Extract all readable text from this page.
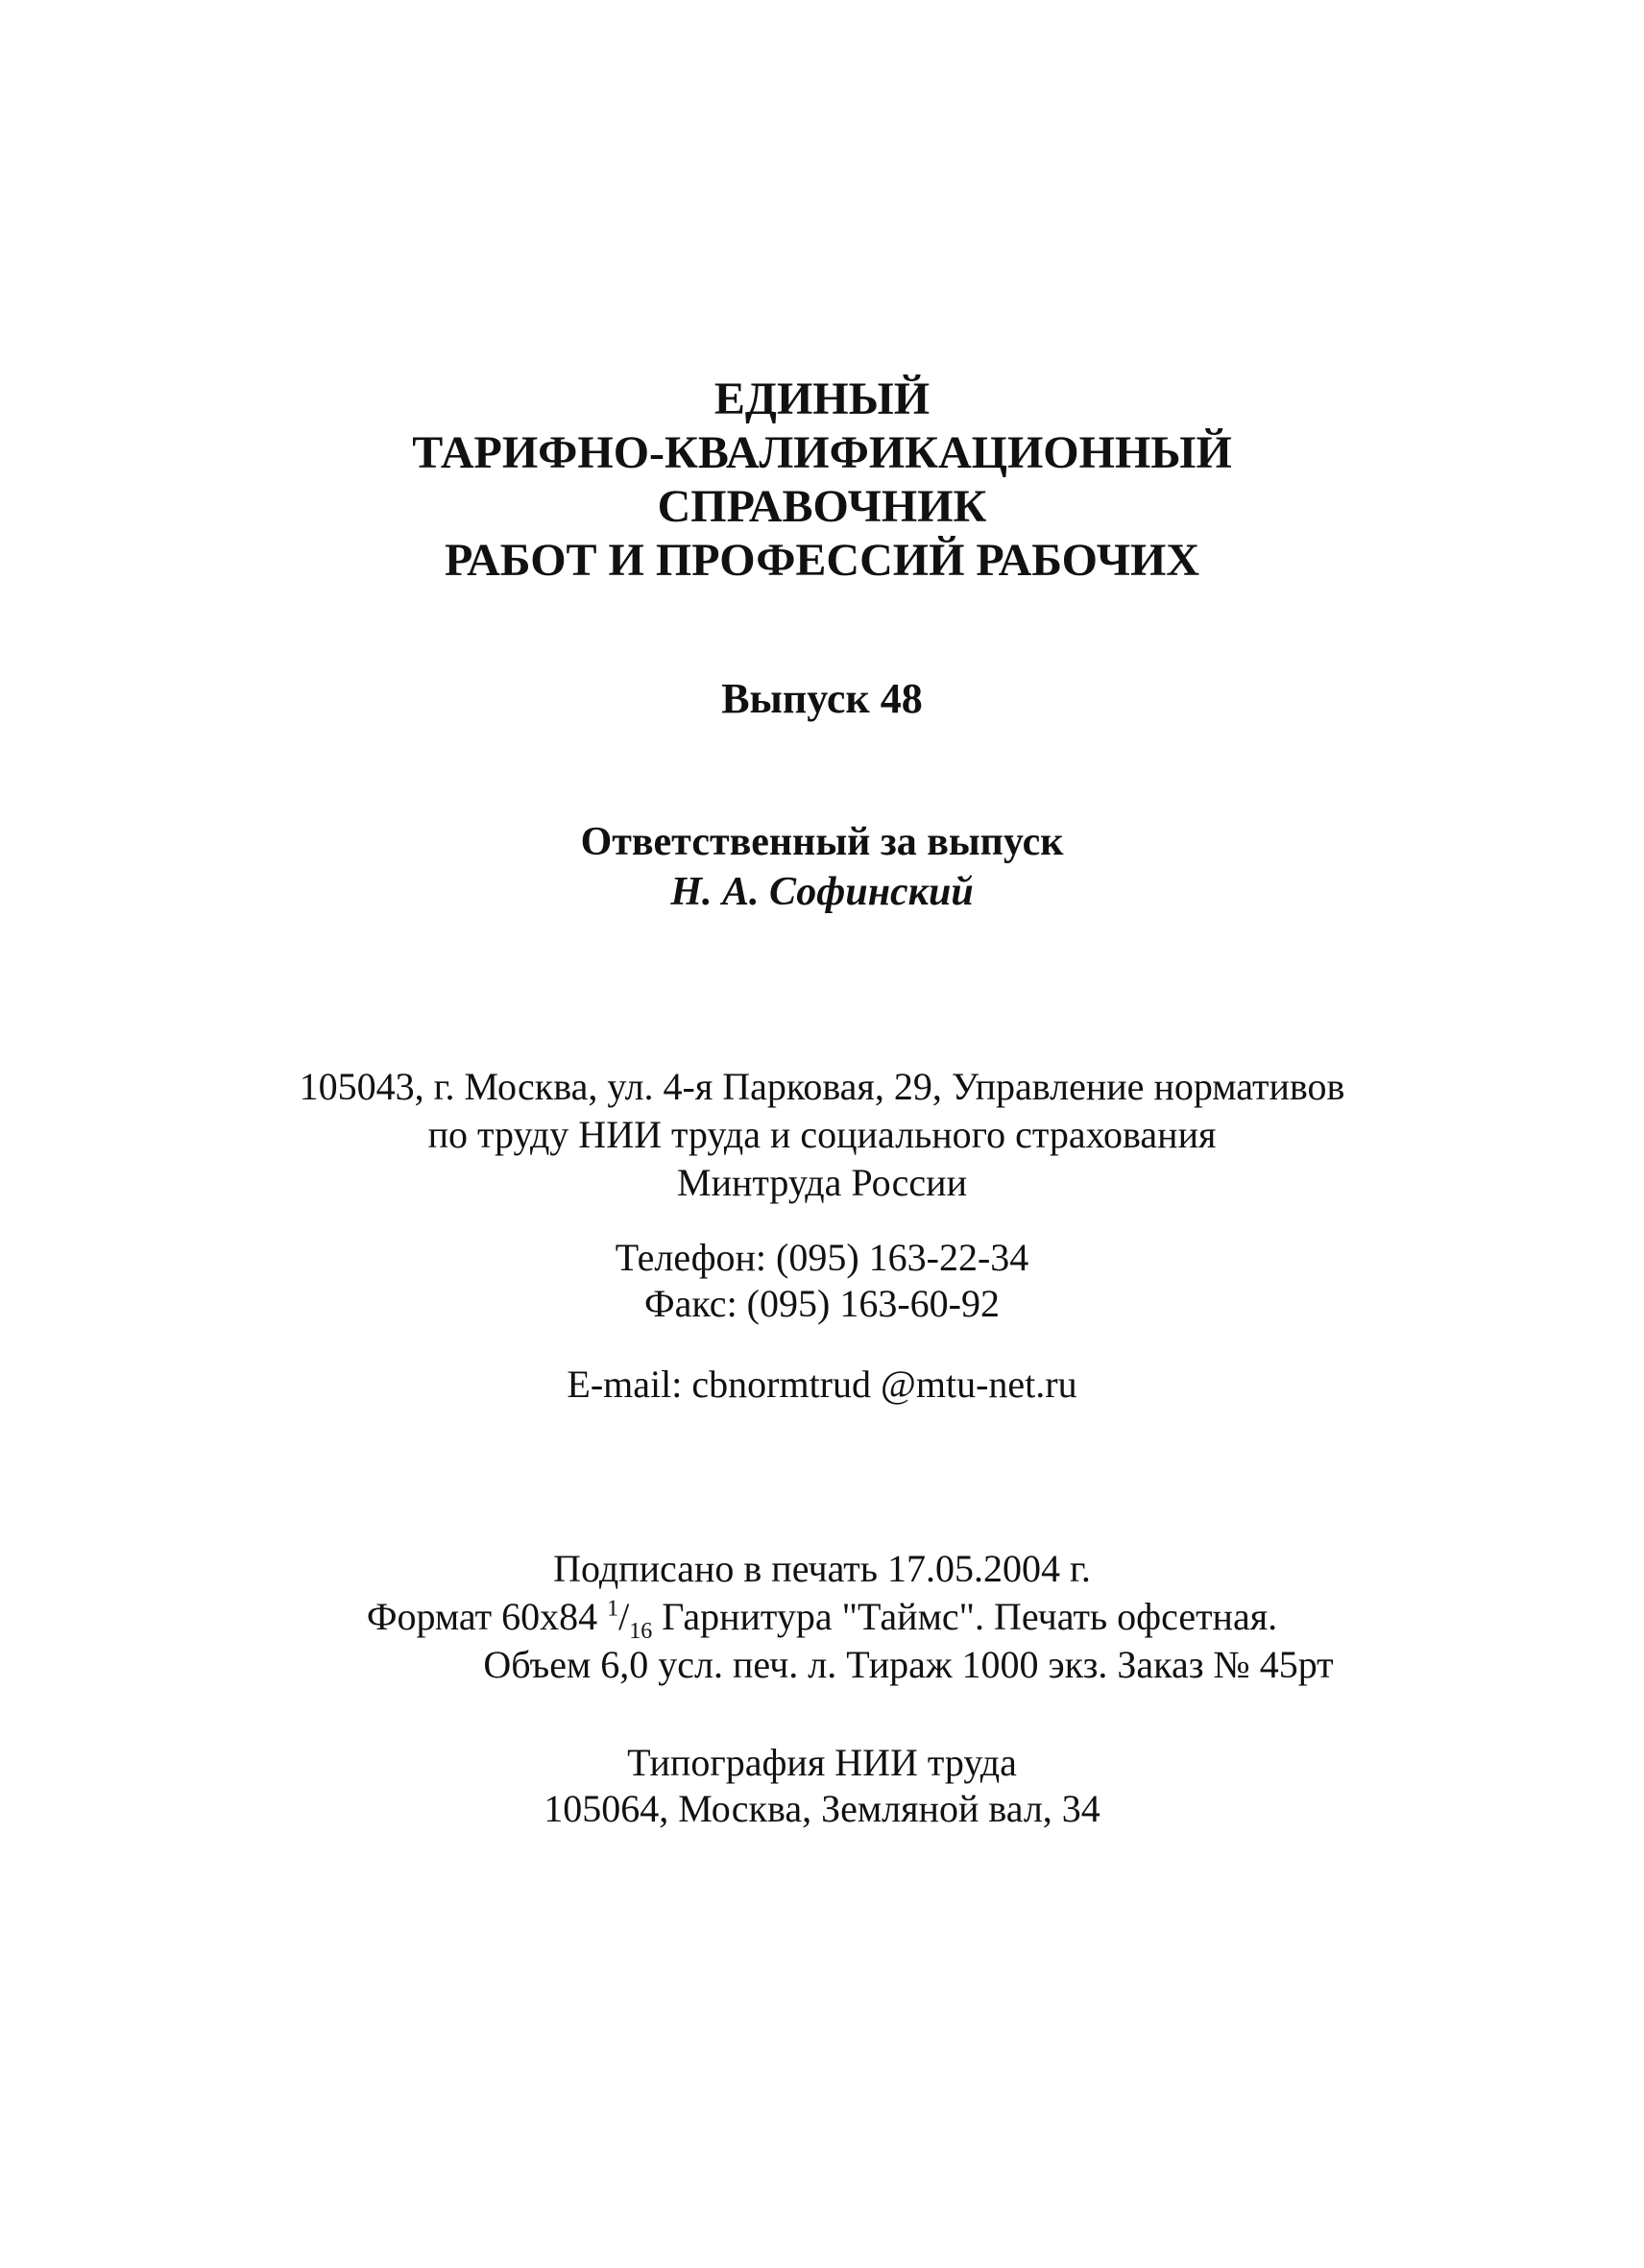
ЕДИНЫЙ
ТАРИФНО-КВАЛИФИКАЦИОННЫЙ
СПРАВОЧНИК
РАБОТ И ПРОФЕССИЙ РАБОЧИХ
Выпуск 48
Ответственный за выпуск
Н. А. Софинский
105043, г. Москва, ул. 4-я Парковая, 29, Управление нормативов
по труду НИИ труда и социального страхования
Минтруда России
Телефон: (095) 163-22-34
Факс: (095) 163-60-92
E-mail: cbnormtrud @mtu-net.ru
Подписано в печать 17.05.2004 г.
Формат 60x84 $^1/_{16}$ Гарнитура "Таймс". Печать офсетная.
Объем 6,0 усл. печ. л. Тираж 1000 экз. Заказ № 45рт
Типография НИИ труда
105064, Москва, Земляной вал, 34
